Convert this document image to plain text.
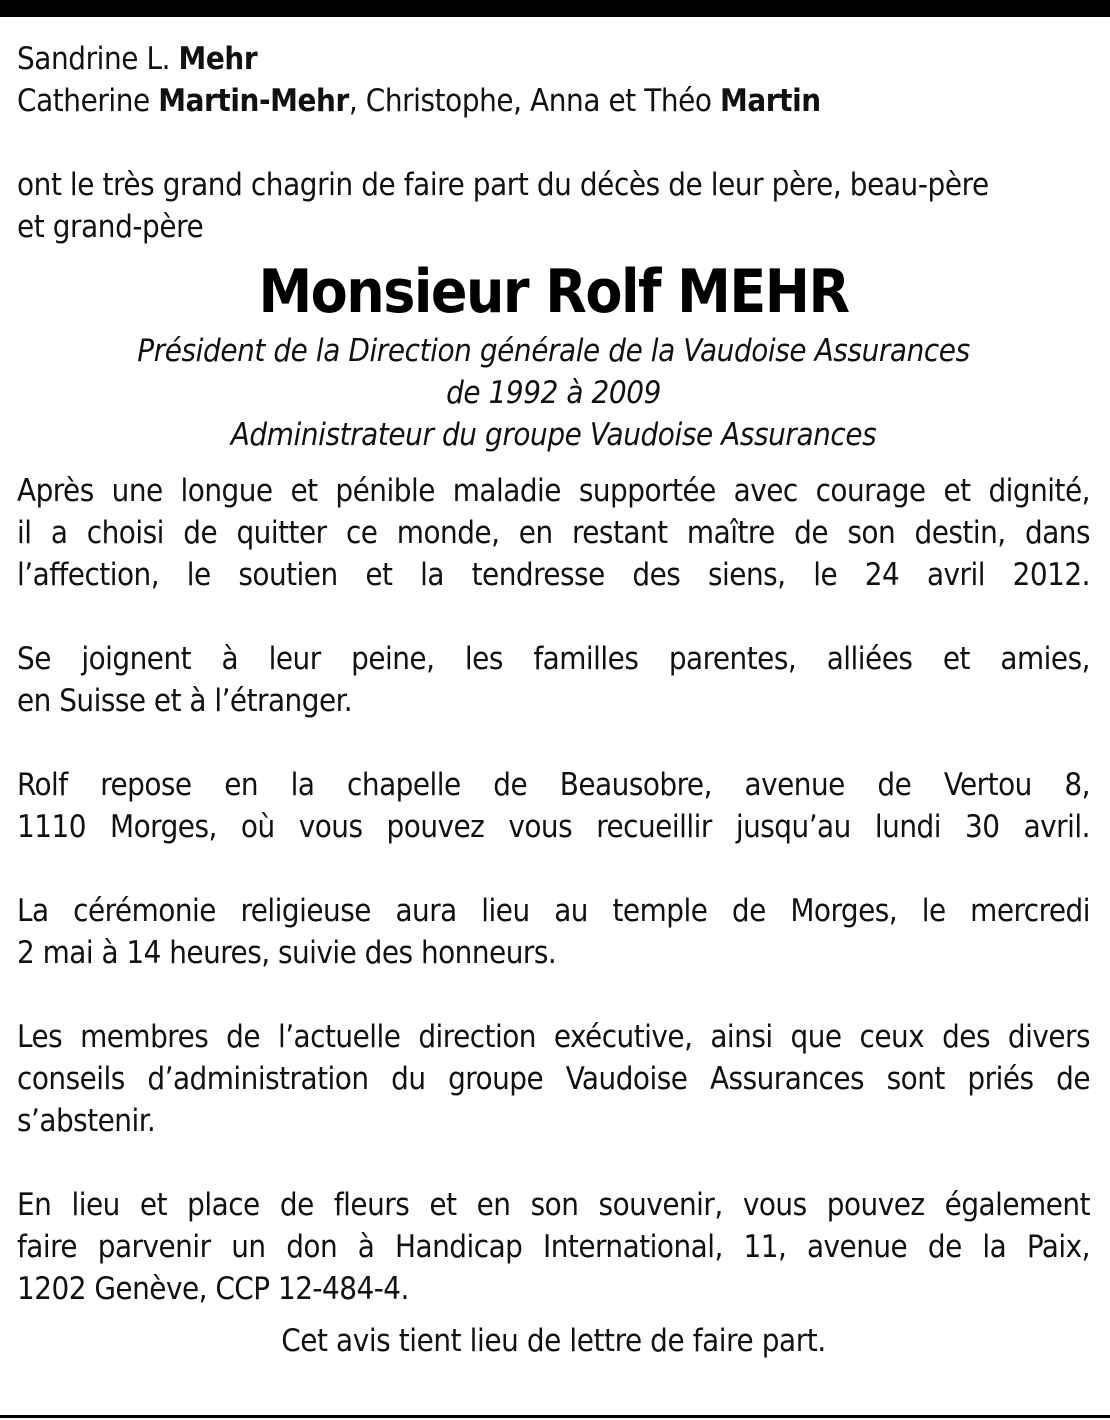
Sandrine L. Mehr
Catherine Martin-Mehr, Christophe, Anna et Théo Martin
ont le très grand chagrin de faire part du décès de leur père, beau-père
et grand-père
Monsieur Rolf MEHR
Président de la Direction générale de la Vaudoise Assurances
de 1992 à 2009
Administrateur du groupe Vaudoise Assurances
Après une longue et pénible maladie supportée avec courage et dignité,
il a choisi de quitter ce monde, en restant maître de son destin, dans
l’affection, le soutien et la tendresse des siens, le 24 avril 2012.
Se joignent à leur peine, les familles parentes, alliées et amies,
en Suisse et à l’étranger.
Rolf repose en la chapelle de Beausobre, avenue de Vertou 8,
1110 Morges, où vous pouvez vous recueillir jusqu’au lundi 30 avril.
La cérémonie religieuse aura lieu au temple de Morges, le mercredi
2 mai à 14 heures, suivie des honneurs.
Les membres de l’actuelle direction exécutive, ainsi que ceux des divers
conseils d’administration du groupe Vaudoise Assurances sont priés de
s’abstenir.
En lieu et place de fleurs et en son souvenir, vous pouvez également
faire parvenir un don à Handicap International, 11, avenue de la Paix,
1202 Genève, CCP 12-484-4.
Cet avis tient lieu de lettre de faire part.
